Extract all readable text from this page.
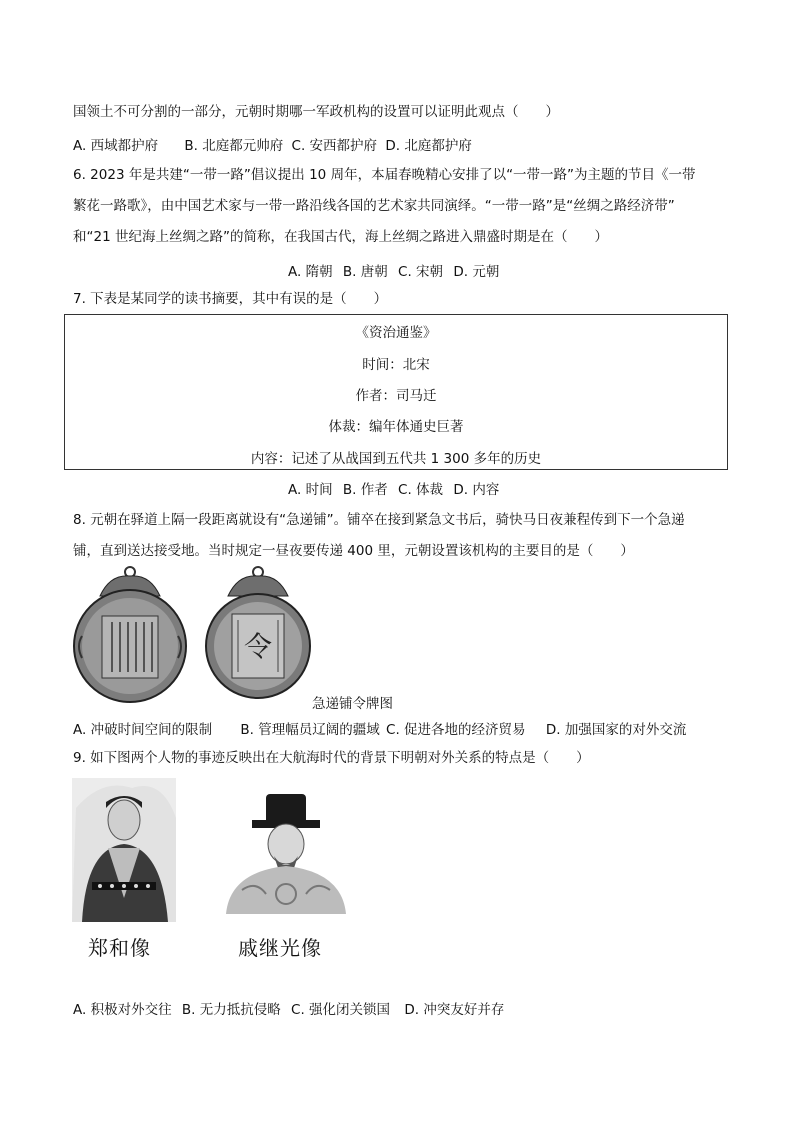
国领土不可分割的一部分，元朝时期哪一军政机构的设置可以证明此观点（　　）
A. 西域都护府 B. 北庭都元帅府 C. 安西都护府 D. 北庭都护府
6. 2023 年是共建“一带一路”倡议提出 10 周年，本届春晚精心安排了以“一带一路”为主题的节目《一带
繁花一路歌》，由中国艺术家与一带一路沿线各国的艺术家共同演绎。“一带一路”是“丝绸之路经济带”
和“21 世纪海上丝绸之路”的简称，在我国古代，海上丝绸之路进入鼎盛时期是在（　　）
A. 隋朝 B. 唐朝 C. 宋朝 D. 元朝
7. 下表是某同学的读书摘要，其中有误的是（　　）
《资治通鉴》
时间：北宋
作者：司马迁
体裁：编年体通史巨著
内容：记述了从战国到五代共 1 300 多年的历史
A. 时间 B. 作者 C. 体裁 D. 内容
8. 元朝在驿道上隔一段距离就设有“急递铺”。铺卒在接到紧急文书后，骑快马日夜兼程传到下一个急递
铺，直到送达接受地。当时规定一昼夜要传递 400 里，元朝设置该机构的主要目的是（　　）
令
急递铺令牌图
A. 冲破时间空间的限制 B. 管理幅员辽阔的疆域 C. 促进各地的经济贸易 D. 加强国家的对外交流
9. 如下图两个人物的事迹反映出在大航海时代的背景下明朝对外关系的特点是（　　）
郑和像	戚继光像
A. 积极对外交往 B. 无力抵抗侵略 C. 强化闭关锁国 D. 冲突友好并存
